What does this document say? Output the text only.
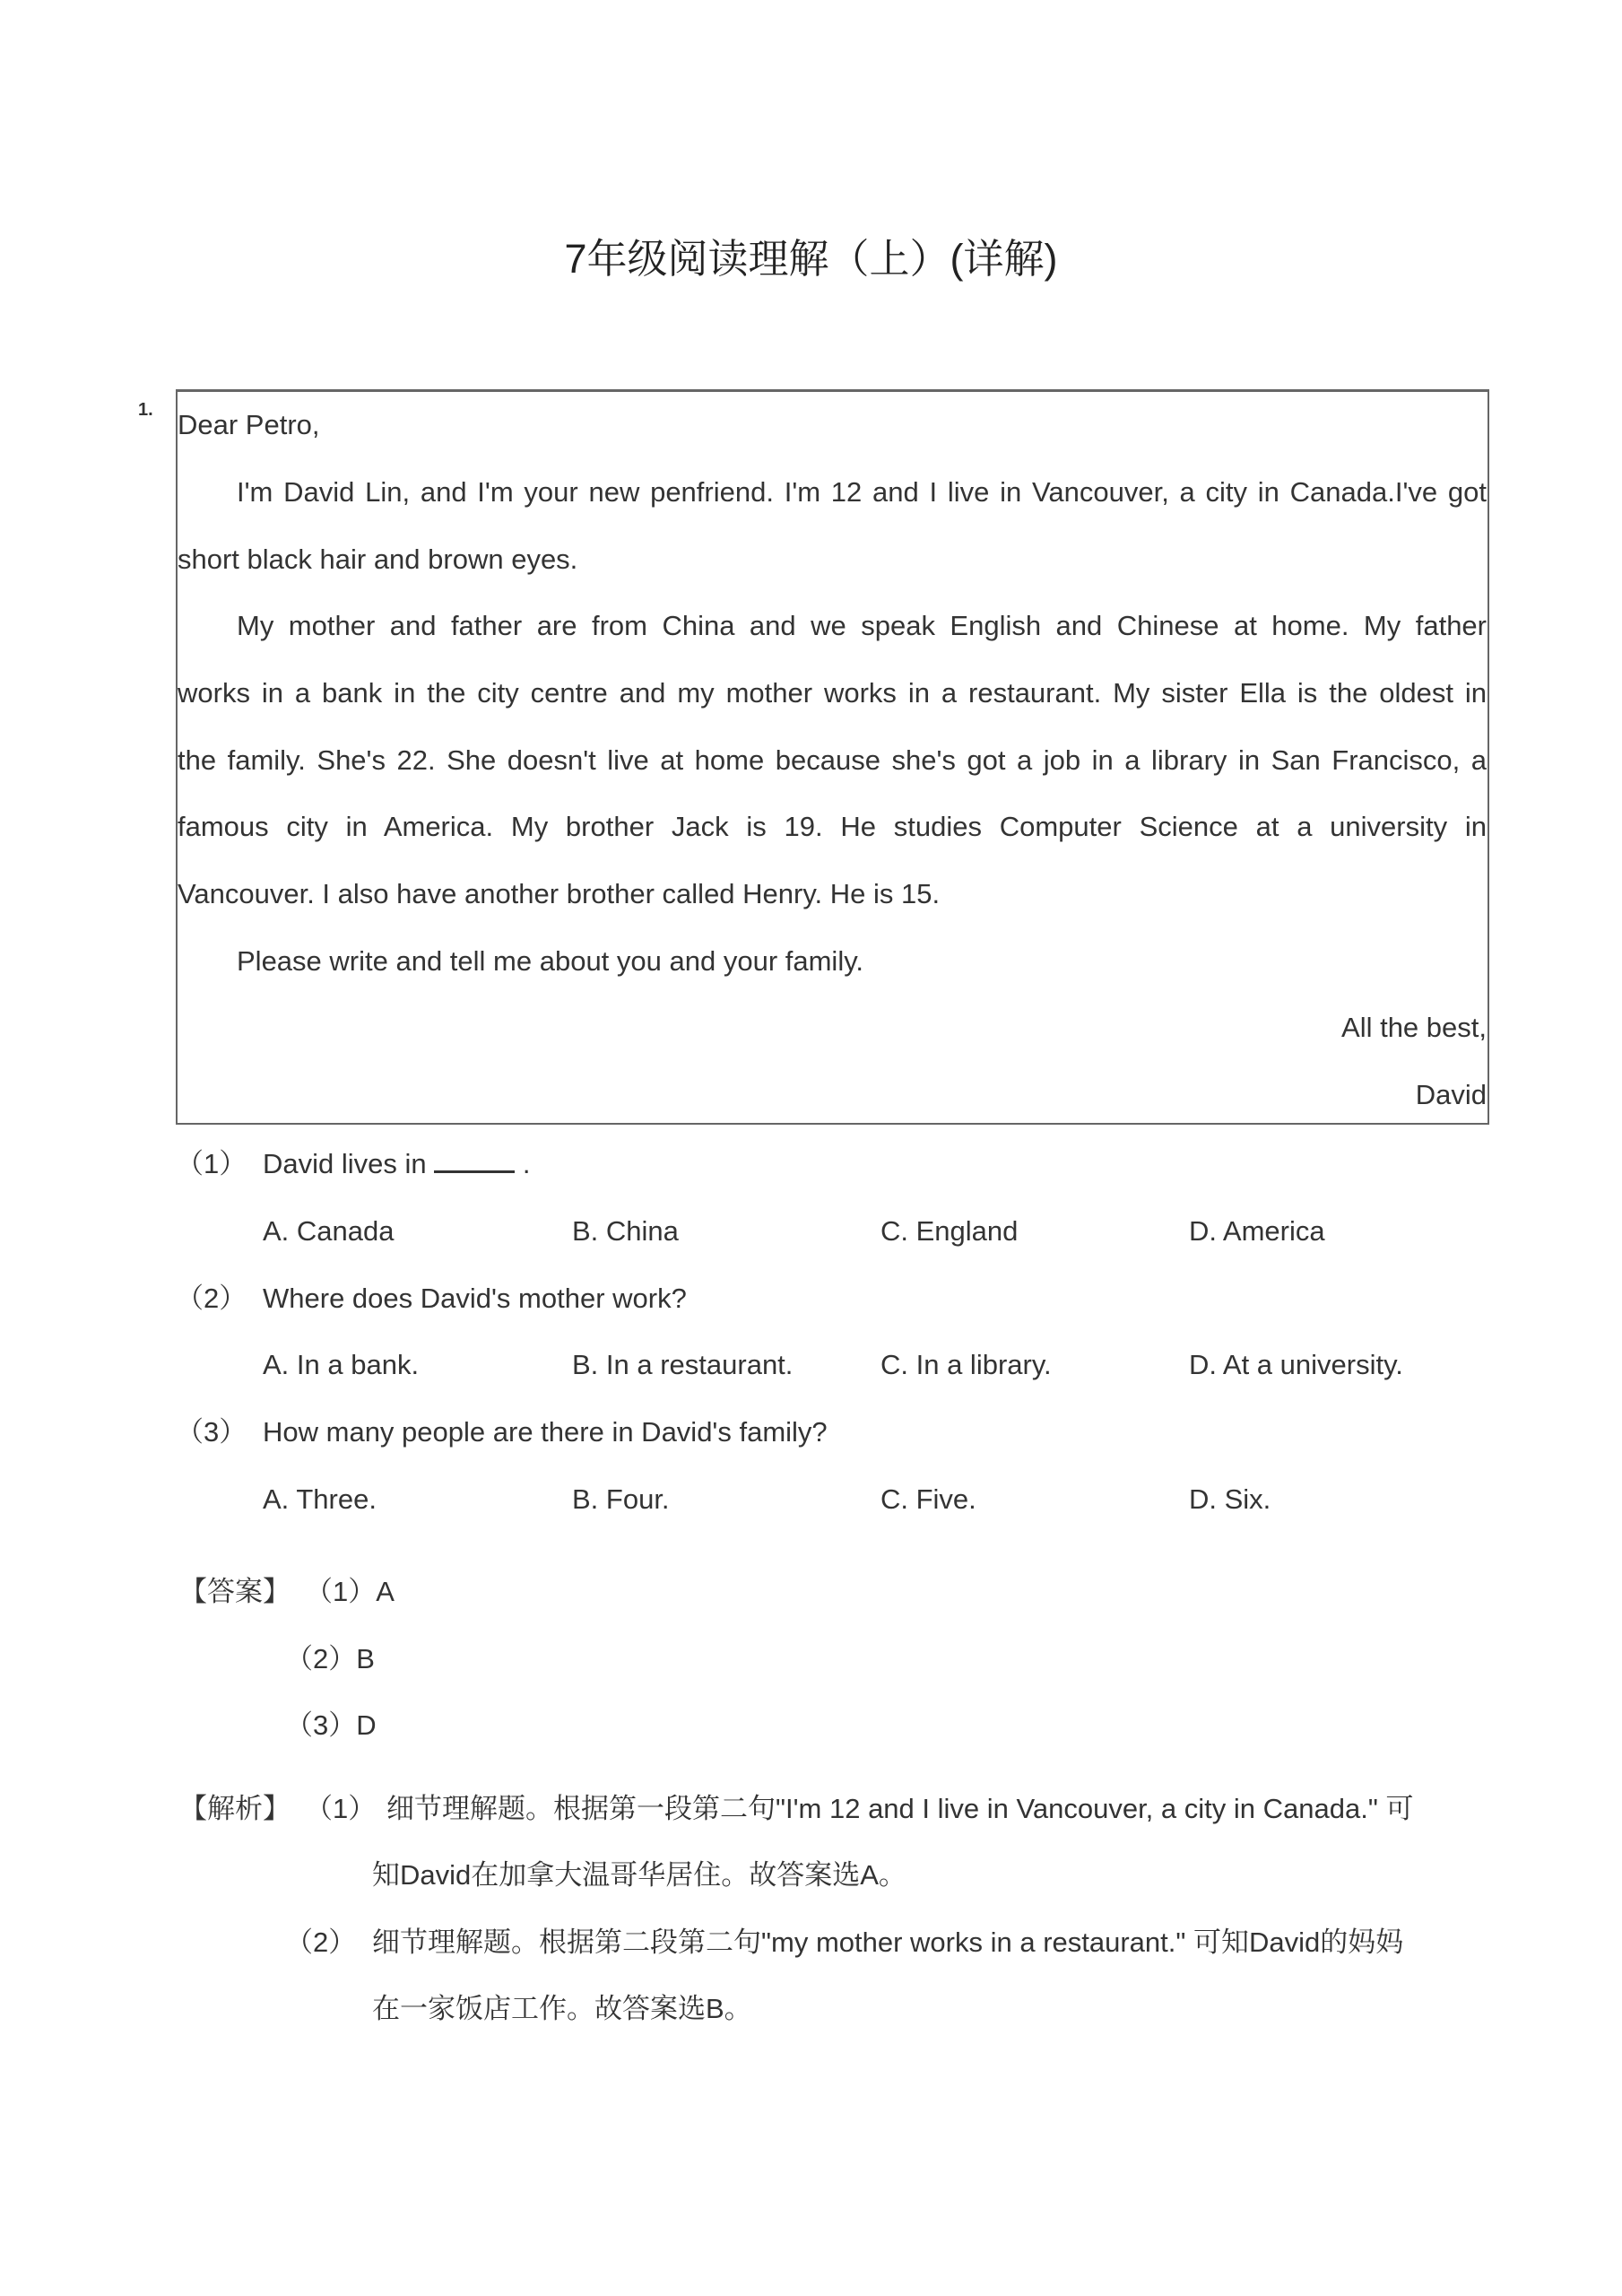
7年级阅读理解（上）(详解)
1. Dear Petro,
I'm David Lin, and I'm your new penfriend. I'm 12 and I live in Vancouver, a city in Canada.I've got
short black hair and brown eyes.
My mother and father are from China and we speak English and Chinese at home. My father
works in a bank in the city centre and my mother works in a restaurant. My sister Ella is the oldest in
the family. She's 22. She doesn't live at home because she's got a job in a library in San Francisco, a
famous city in America. My brother Jack is 19. He studies Computer Science at a university in
Vancouver. I also have another brother called Henry. He is 15.
Please write and tell me about you and your family.
All the best,
David
（1） David lives in	.
A. Canada	B. China	C. England	D. America
（2） Where does David's mother work?
A. In a bank.	B. In a restaurant.	C. In a library.	D. At a university.
（3） How many people are there in David's family?
A. Three.	B. Four.	C. Five.	D. Six.
【答案】 （1）A
（2）B
（3）D
【解析】 （1） 细节理解题。根据第一段第二句"I'm 12 and I live in Vancouver, a city in Canada." 可
知David在加拿大温哥华居住。故答案选A。
（2） 细节理解题。根据第二段第二句"my mother works in a restaurant." 可知David的妈妈
在一家饭店工作。故答案选B。
